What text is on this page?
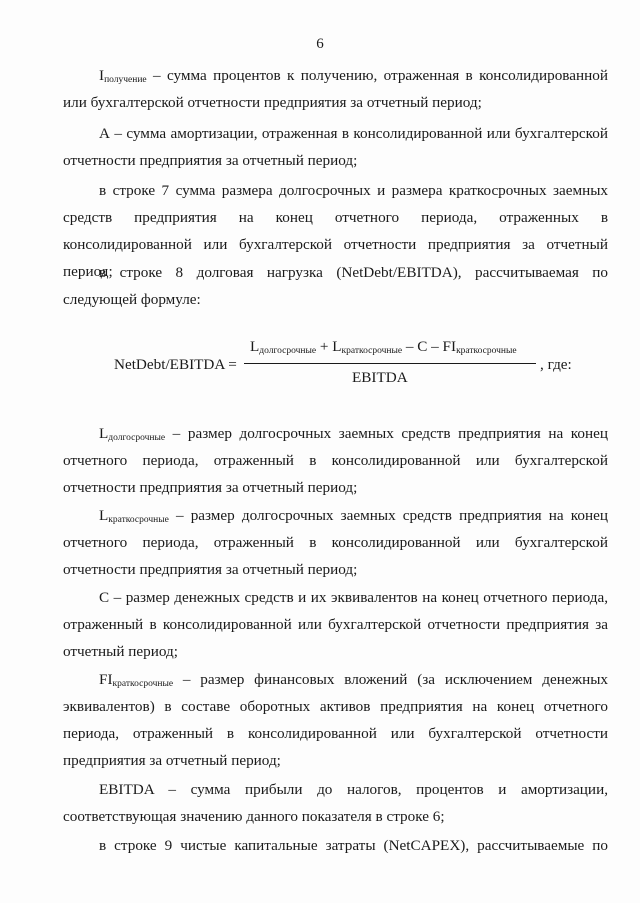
6

$I_{получение}$ – сумма процентов к получению, отраженная в консолидированной или бухгалтерской отчетности предприятия за отчетный период;

А – сумма амортизации, отраженная в консолидированной или бухгалтерской отчетности предприятия за отчетный период;

в строке 7 сумма размера долгосрочных и размера краткосрочных заемных средств предприятия на конец отчетного периода, отраженных в консолидированной или бухгалтерской отчетности предприятия за отчетный период;

в строке 8 долговая нагрузка (NetDebt/EBITDA), рассчитываемая по следующей формуле:

NetDebt/EBITDA =
$L_{долгосрочные} + L_{краткосрочные} - C - FI_{краткосрочные}$
EBITDA
, где:

$L_{долгосрочные}$ – размер долгосрочных заемных средств предприятия на конец отчетного периода, отраженный в консолидированной или бухгалтерской отчетности предприятия за отчетный период;

$L_{краткосрочные}$ – размер долгосрочных заемных средств предприятия на конец отчетного периода, отраженный в консолидированной или бухгалтерской отчетности предприятия за отчетный период;

С – размер денежных средств и их эквивалентов на конец отчетного периода, отраженный в консолидированной или бухгалтерской отчетности предприятия за отчетный период;

$FI_{краткосрочные}$ – размер финансовых вложений (за исключением денежных эквивалентов) в составе оборотных активов предприятия на конец отчетного периода, отраженный в консолидированной или бухгалтерской отчетности предприятия за отчетный период;

EBITDA – сумма прибыли до налогов, процентов и амортизации, соответствующая значению данного показателя в строке 6;

в строке 9 чистые капитальные затраты (NetCAPEX), рассчитываемые по
